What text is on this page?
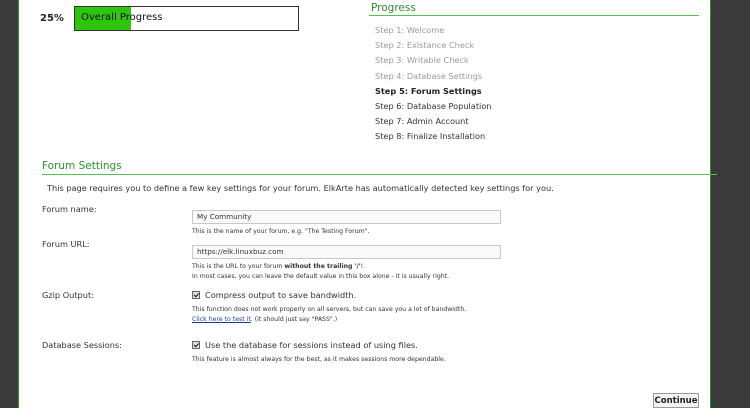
25%	Overall Progress
Progress
Step 1: Welcome
Step 2: Existance Check
Step 3: Writable Check
Step 4: Database Settings
Step 5: Forum Settings
Step 6: Database Population
Step 7: Admin Account
Step 8: Finalize Installation
Forum Settings
This page requires you to define a few key settings for your forum. ElkArte has automatically detected key settings for you.
Forum name:
My Community
This is the name of your forum, e.g. "The Testing Forum".
Forum URL:
https://elk.linuxbuz.com
This is the URL to your forum without the trailing '/'!.
In most cases, you can leave the default value in this box alone - it is usually right.
Gzip Output:	Compress output to save bandwidth.
This function does not work properly on all servers, but can save you a lot of bandwidth.
Click here to test it. (it should just say "PASS".)
Database Sessions:	Use the database for sessions instead of using files.
This feature is almost always for the best, as it makes sessions more dependable.
Continue
